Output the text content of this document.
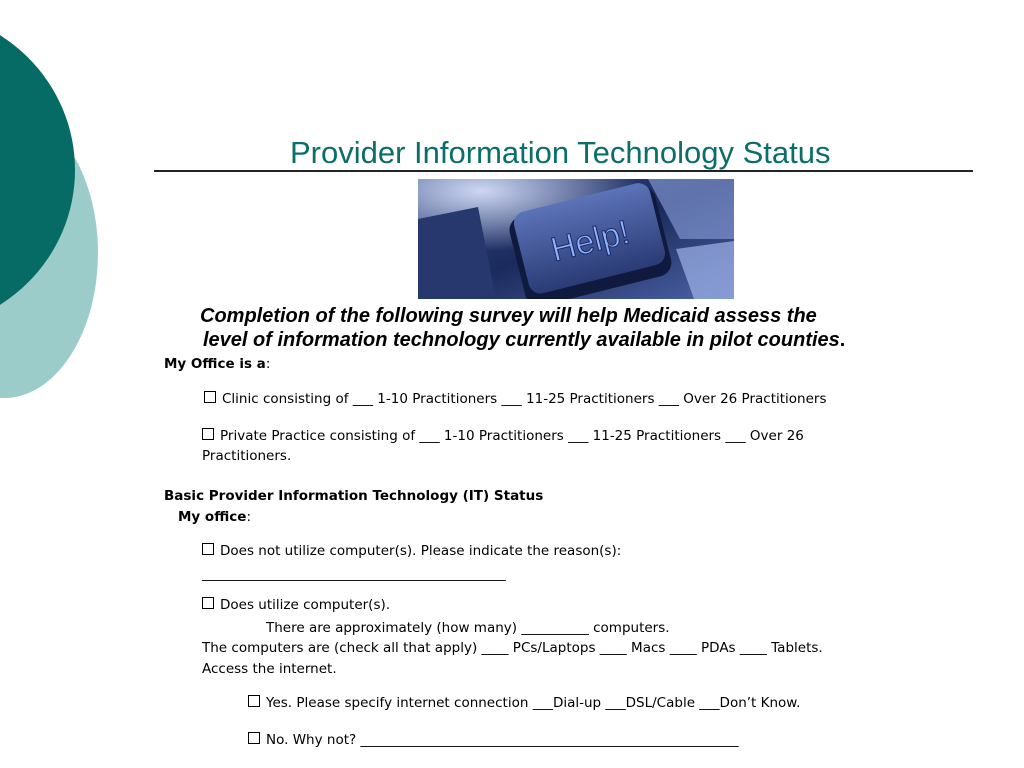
Provider Information Technology Status
Help!
Completion of the following survey will help Medicaid assess the
level of information technology currently available in pilot counties.
My Office is a:
Clinic consisting of ___ 1-10 Practitioners ___ 11-25 Practitioners ___ Over 26 Practitioners
Private Practice consisting of ___ 1-10 Practitioners ___ 11-25 Practitioners ___ Over 26
Practitioners.
Basic Provider Information Technology (IT) Status
My office:
Does not utilize computer(s). Please indicate the reason(s):
_____________________________________________
Does utilize computer(s).
There are approximately (how many) __________ computers.
The computers are (check all that apply) ____ PCs/Laptops ____ Macs ____ PDAs ____ Tablets.
Access the internet.
Yes. Please specify internet connection ___Dial-up ___DSL/Cable ___Don’t Know.
No. Why not? ________________________________________________________
